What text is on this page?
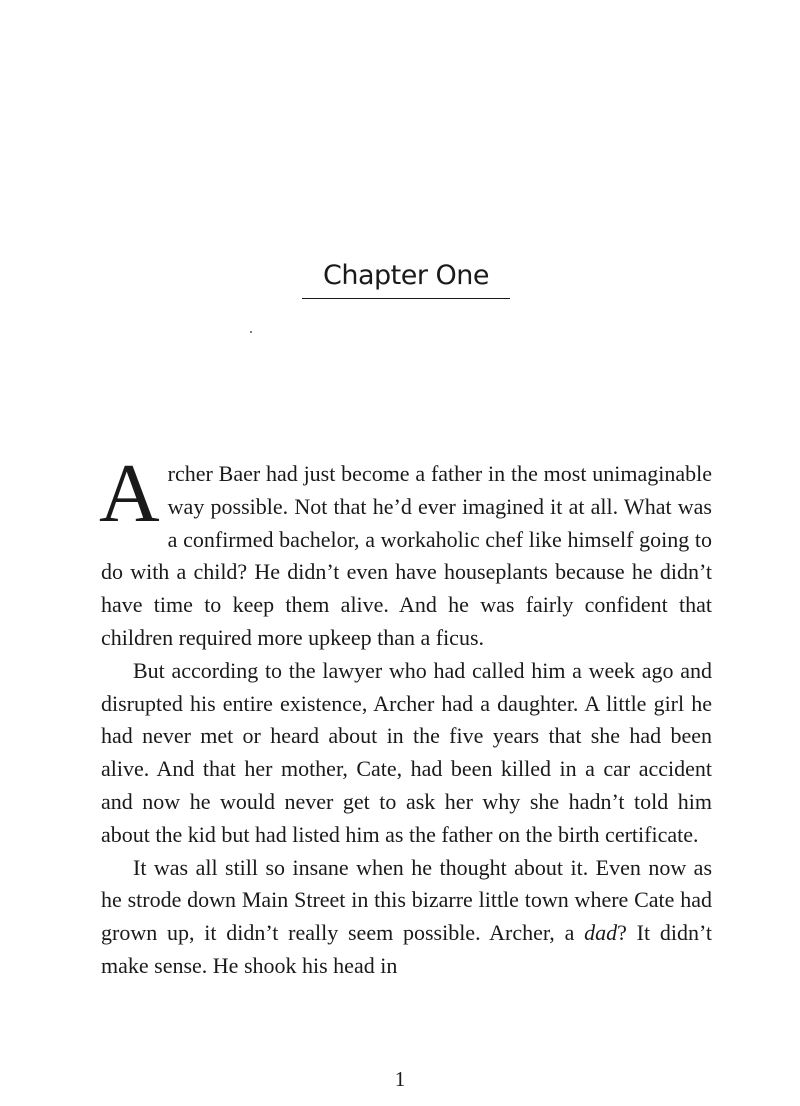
Chapter One

Archer Baer had just become a father in the most unimaginable way possible. Not that he’d ever imagined it at all. What was a confirmed bachelor, a workaholic chef like himself going to do with a child? He didn’t even have houseplants because he didn’t have time to keep them alive. And he was fairly confident that children required more upkeep than a ficus.

But according to the lawyer who had called him a week ago and disrupted his entire existence, Archer had a daughter. A little girl he had never met or heard about in the five years that she had been alive. And that her mother, Cate, had been killed in a car accident and now he would never get to ask her why she hadn’t told him about the kid but had listed him as the father on the birth certificate.

It was all still so insane when he thought about it. Even now as he strode down Main Street in this bizarre little town where Cate had grown up, it didn’t really seem possible. Archer, a dad? It didn’t make sense. He shook his head in

1
